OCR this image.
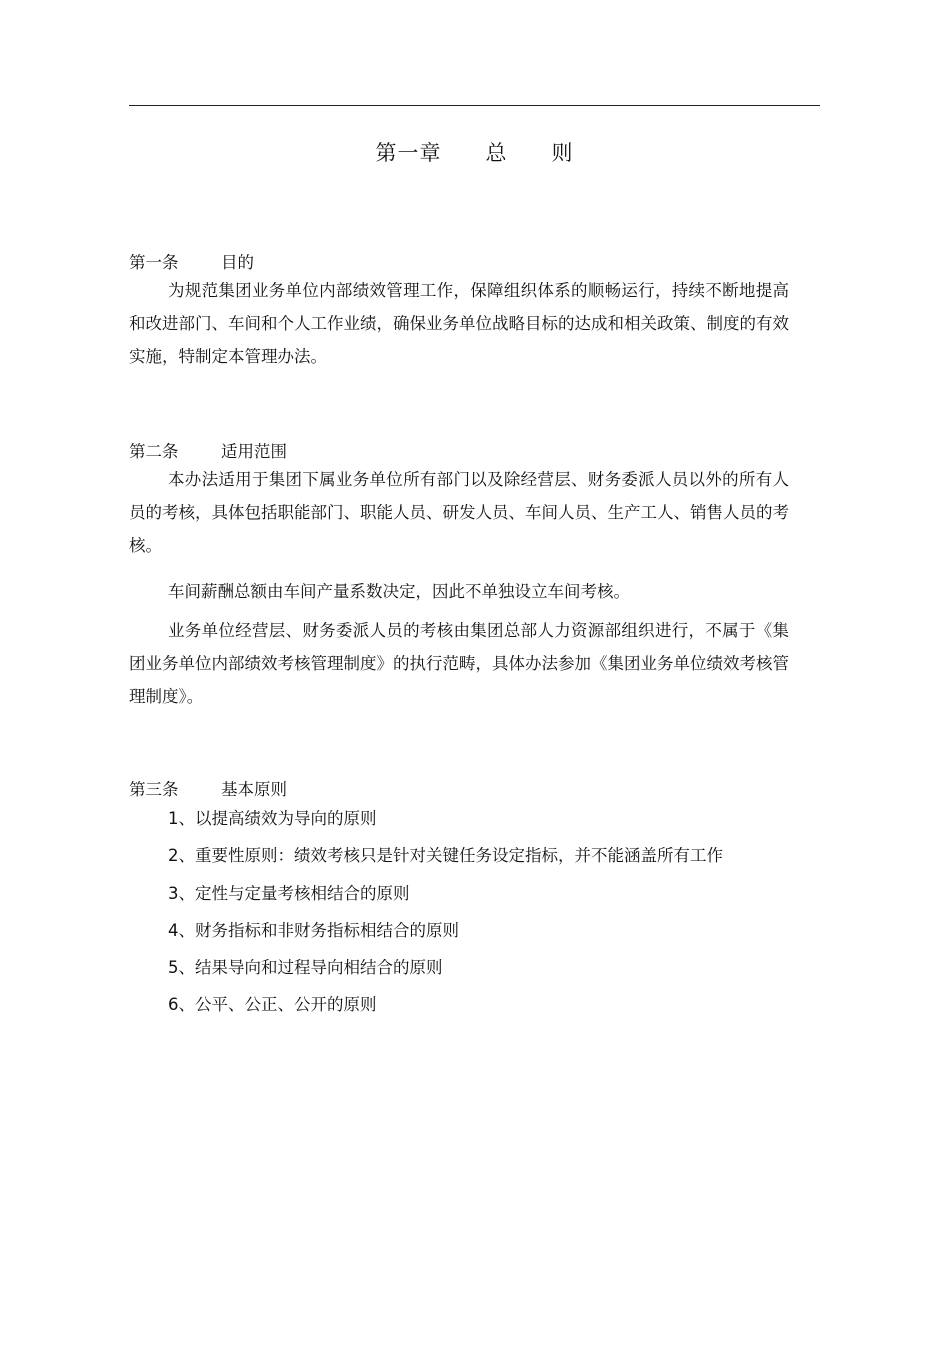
第一章　　总　　则
第一条	目的
为规范集团业务单位内部绩效管理工作，保障组织体系的顺畅运行，持续不断地提高和改进部门、车间和个人工作业绩，确保业务单位战略目标的达成和相关政策、制度的有效实施，特制定本管理办法。
第二条	适用范围
本办法适用于集团下属业务单位所有部门以及除经营层、财务委派人员以外的所有人员的考核，具体包括职能部门、职能人员、研发人员、车间人员、生产工人、销售人员的考核。
车间薪酬总额由车间产量系数决定，因此不单独设立车间考核。
业务单位经营层、财务委派人员的考核由集团总部人力资源部组织进行，不属于《集团业务单位内部绩效考核管理制度》的执行范畴，具体办法参加《集团业务单位绩效考核管理制度》。
第三条	基本原则
1、以提高绩效为导向的原则
2、重要性原则：绩效考核只是针对关键任务设定指标，并不能涵盖所有工作
3、定性与定量考核相结合的原则
4、财务指标和非财务指标相结合的原则
5、结果导向和过程导向相结合的原则
6、公平、公正、公开的原则
